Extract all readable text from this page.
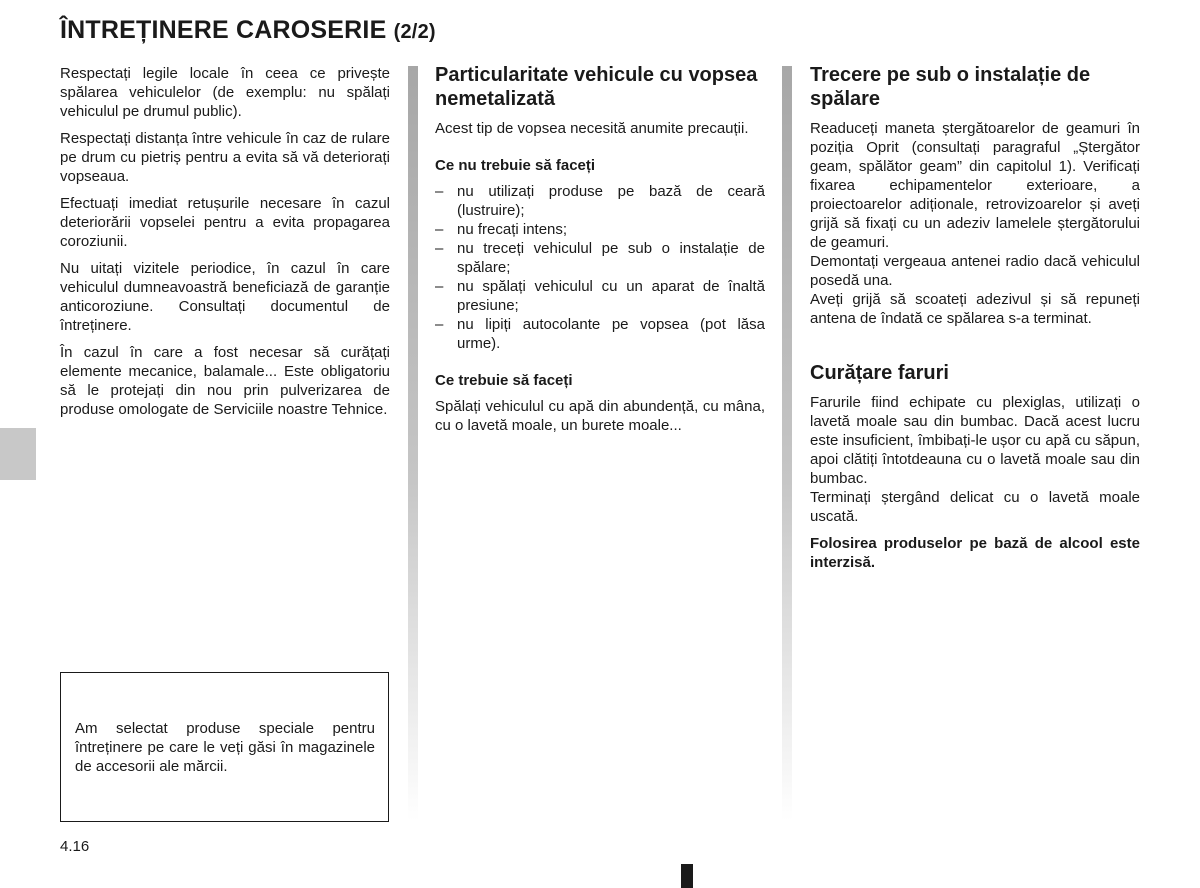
ÎNTREȚINERE CAROSERIE (2/2)

Respectați legile locale în ceea ce privește spălarea vehiculelor (de exemplu: nu spălați vehiculul pe drumul public).

Respectați distanța între vehicule în caz de rulare pe drum cu pietriș pentru a evita să vă deteriorați vopseaua.

Efectuați imediat retușurile necesare în cazul deteriorării vopselei pentru a evita propagarea coroziunii.

Nu uitați vizitele periodice, în cazul în care vehiculul dumneavoastră beneficiază de garanție anticoroziune. Consultați documentul de întreținere.

În cazul în care a fost necesar să curățați elemente mecanice, balamale... Este obligatoriu să le protejați din nou prin pulverizarea de produse omologate de Serviciile noastre Tehnice.

Particularitate vehicule cu vopsea nemetalizată

Acest tip de vopsea necesită anumite precauții.

Ce nu trebuie să faceți
– nu utilizați produse pe bază de ceară (lustruire);
– nu frecați intens;
– nu treceți vehiculul pe sub o instalație de spălare;
– nu spălați vehiculul cu un aparat de înaltă presiune;
– nu lipiți autocolante pe vopsea (pot lăsa urme).
Ce trebuie să faceți

Spălați vehiculul cu apă din abundență, cu mâna, cu o lavetă moale, un burete moale...

Trecere pe sub o instalație de spălare

Readuceți maneta ștergătoarelor de geamuri în poziția Oprit (consultați paragraful „Ștergător geam, spălător geam” din capitolul 1). Verificați fixarea echipamentelor exterioare, a proiectoarelor adiționale, retrovizoarelor și aveți grijă să fixați cu un adeziv lamelele ștergătorului de geamuri.

Demontați vergeaua antenei radio dacă vehiculul posedă una.

Aveți grijă să scoateți adezivul și să repuneți antena de îndată ce spălarea s-a terminat.

Curățare faruri

Farurile fiind echipate cu plexiglas, utilizați o lavetă moale sau din bumbac. Dacă acest lucru este insuficient, îmbibați-le ușor cu apă cu săpun, apoi clătiți întotdeauna cu o lavetă moale sau din bumbac.

Terminați ștergând delicat cu o lavetă moale uscată.

Folosirea produselor pe bază de alcool este interzisă.

Am selectat produse speciale pentru întreținere pe care le veți găsi în magazinele de accesorii ale mărcii.
4.16
